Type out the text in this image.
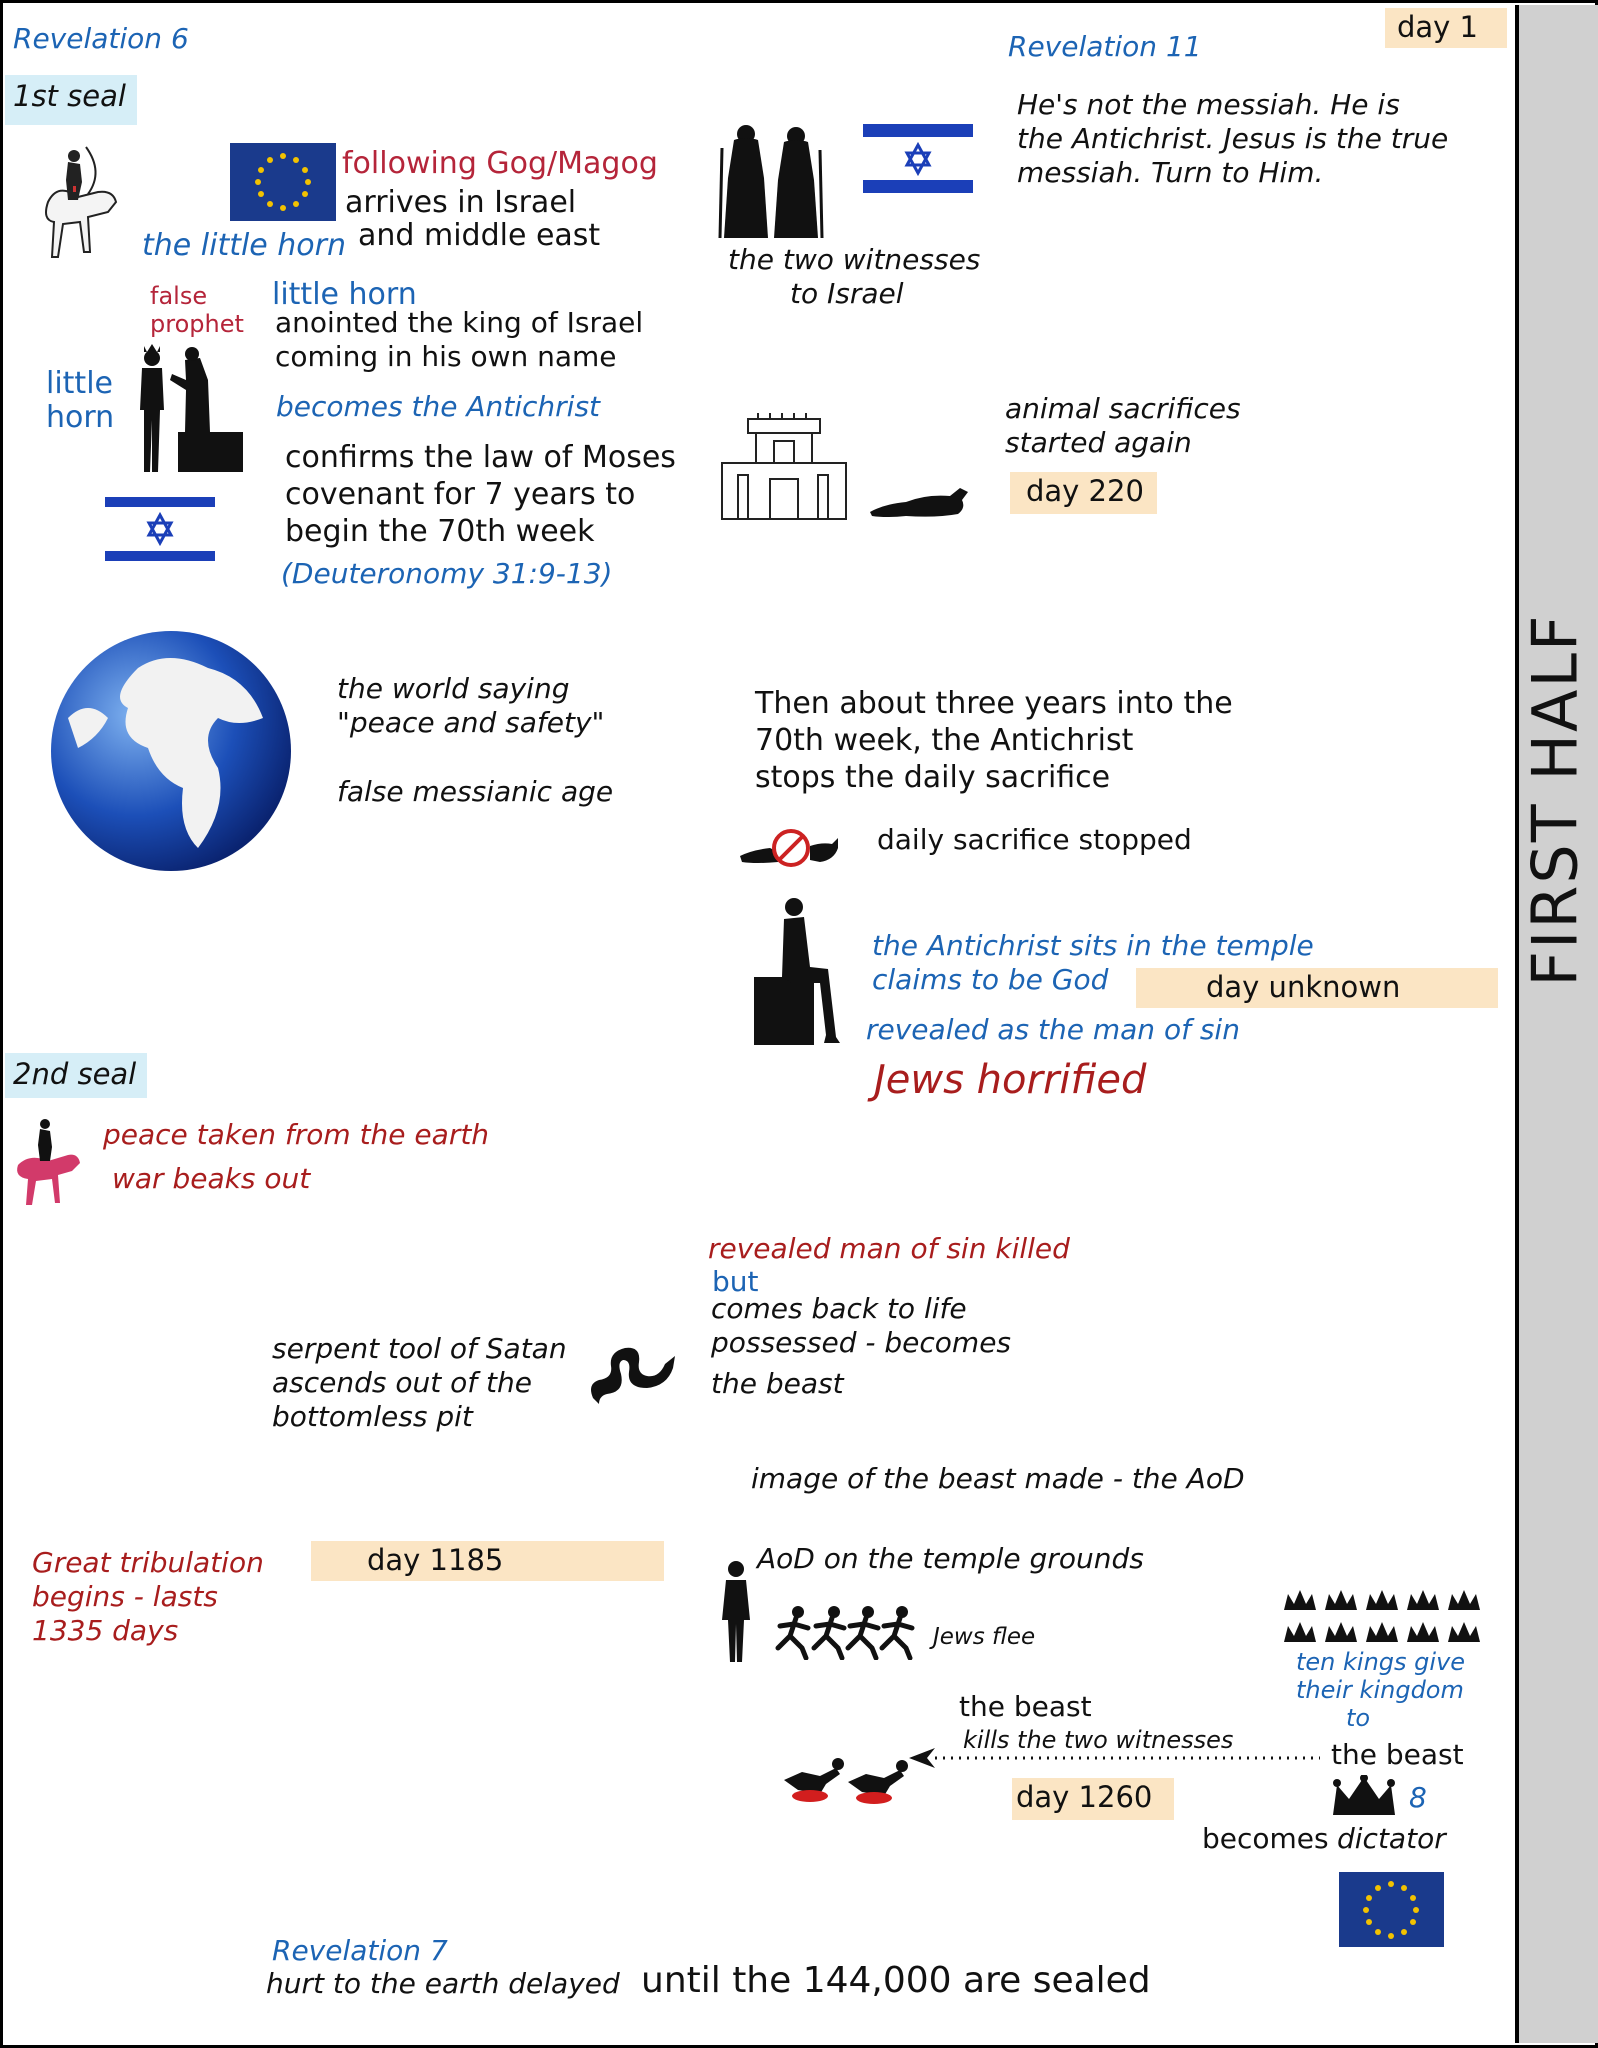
FIRST HALF
Revelation 6
1st seal
following Gog/Magog
arrives in Israel
and middle east
the little horn
false
prophet
little horn
anointed the king of Israel
coming in his own name
little
horn	becomes the Antichrist
confirms the law of Moses
covenant for 7 years to
begin the 70th week
(Deuteronomy 31:9-13)
the world saying
"peace and safety"
false messianic age
2nd seal
peace taken from the earth
war beaks out
serpent tool of Satan
ascends out of the
bottomless pit
Great tribulation
begins - lasts
1335 days
day 1185
Revelation 7
hurt to the earth delayed until the 144,000 are sealed
day 1
Revelation 11
He's not the messiah. He is
the Antichrist. Jesus is the true
messiah. Turn to Him.
the two witnesses
to Israel
animal sacrifices
started again
day 220
Then about three years into the
70th week, the Antichrist
stops the daily sacrifice
daily sacrifice stopped
the Antichrist sits in the temple
claims to be God	day unknown
revealed as the man of sin
Jews horrified
revealed man of sin killed
but
comes back to life
possessed - becomes
the beast
image of the beast made - the AoD
AoD on the temple grounds
Jews flee
ten kings give
their kingdom
to
the beast
kills the two witnesses	the beast
8
day 1260
becomes dictator
